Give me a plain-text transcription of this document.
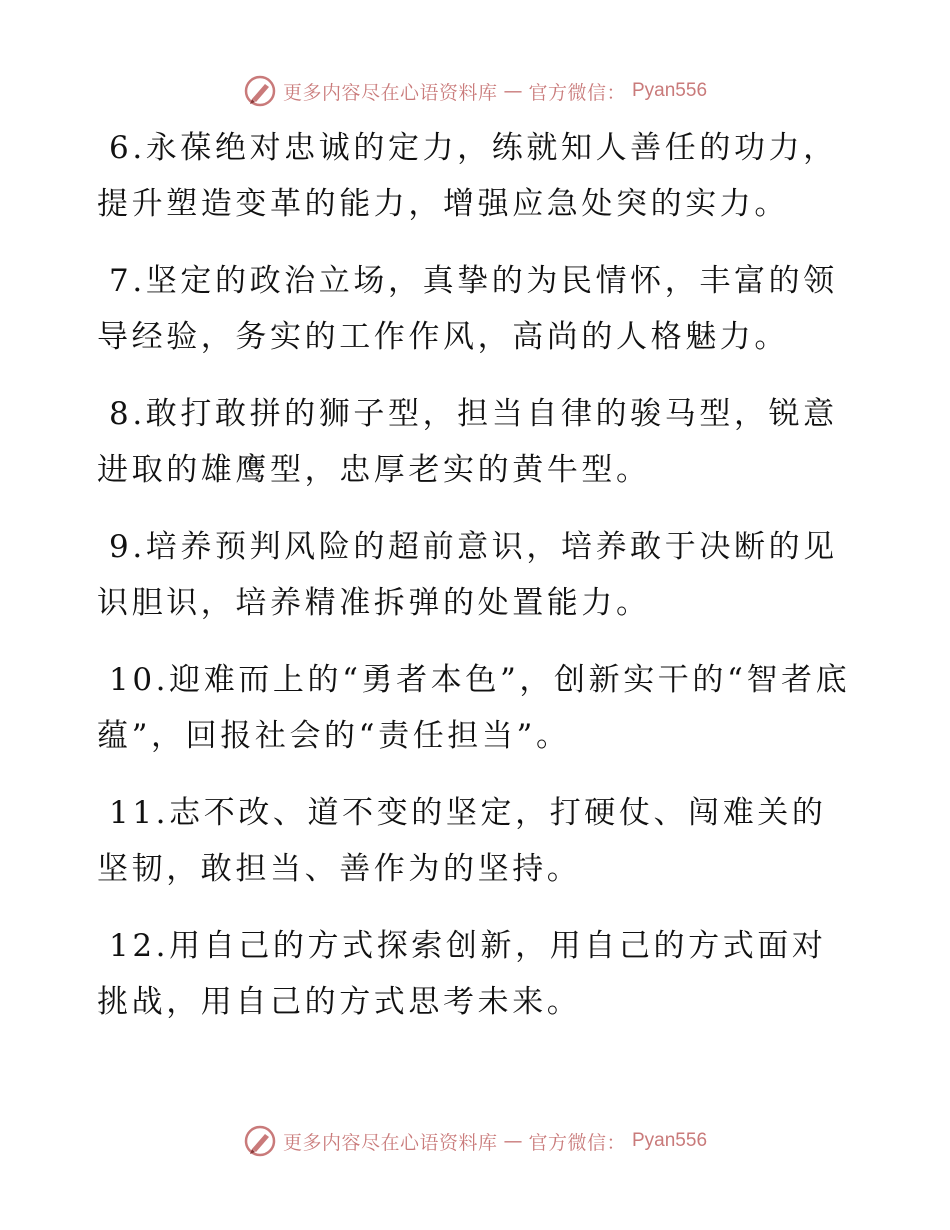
更多内容尽在心语资料库 — 官方微信： Pyan556

6.永葆绝对忠诚的定力，练就知人善任的功力，提升塑造变革的能力，增强应急处突的实力。

7.坚定的政治立场，真挚的为民情怀，丰富的领导经验，务实的工作作风，高尚的人格魅力。

8.敢打敢拼的狮子型，担当自律的骏马型，锐意进取的雄鹰型，忠厚老实的黄牛型。

9.培养预判风险的超前意识，培养敢于决断的见识胆识，培养精准拆弹的处置能力。

10.迎难而上的“勇者本色”，创新实干的“智者底蕴”，回报社会的“责任担当”。

11.志不改、道不变的坚定，打硬仗、闯难关的坚韧，敢担当、善作为的坚持。

12.用自己的方式探索创新，用自己的方式面对挑战，用自己的方式思考未来。

更多内容尽在心语资料库 — 官方微信： Pyan556
